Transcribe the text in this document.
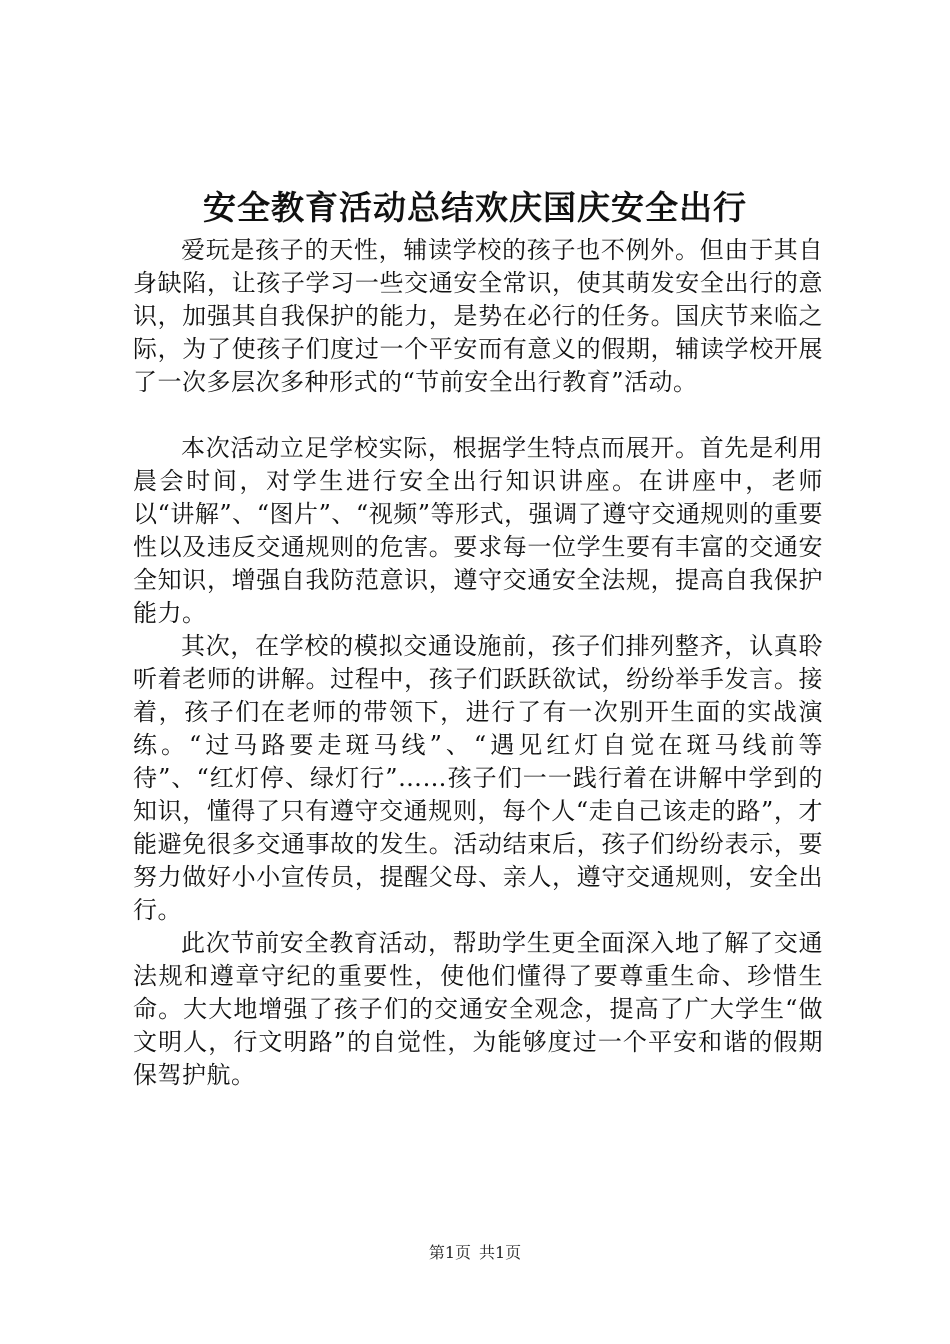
安全教育活动总结欢庆国庆安全出行

爱玩是孩子的天性，辅读学校的孩子也不例外。但由于其自身缺陷，让孩子学习一些交通安全常识，使其萌发安全出行的意识，加强其自我保护的能力，是势在必行的任务。国庆节来临之际，为了使孩子们度过一个平安而有意义的假期，辅读学校开展了一次多层次多种形式的“节前安全出行教育”活动。

本次活动立足学校实际，根据学生特点而展开。首先是利用晨会时间，对学生进行安全出行知识讲座。在讲座中，老师以“讲解”、“图片”、“视频”等形式，强调了遵守交通规则的重要性以及违反交通规则的危害。要求每一位学生要有丰富的交通安全知识，增强自我防范意识，遵守交通安全法规，提高自我保护能力。

其次，在学校的模拟交通设施前，孩子们排列整齐，认真聆听着老师的讲解。过程中，孩子们跃跃欲试，纷纷举手发言。接着，孩子们在老师的带领下，进行了有一次别开生面的实战演练。“过马路要走斑马线”、“遇见红灯自觉在斑马线前等待”、“红灯停、绿灯行”……孩子们一一践行着在讲解中学到的知识，懂得了只有遵守交通规则，每个人“走自己该走的路”，才能避免很多交通事故的发生。活动结束后，孩子们纷纷表示，要努力做好小小宣传员，提醒父母、亲人，遵守交通规则，安全出行。

此次节前安全教育活动，帮助学生更全面深入地了解了交通法规和遵章守纪的重要性，使他们懂得了要尊重生命、珍惜生命。大大地增强了孩子们的交通安全观念，提高了广大学生“做文明人，行文明路”的自觉性，为能够度过一个平安和谐的假期保驾护航。

第1页 共1页
